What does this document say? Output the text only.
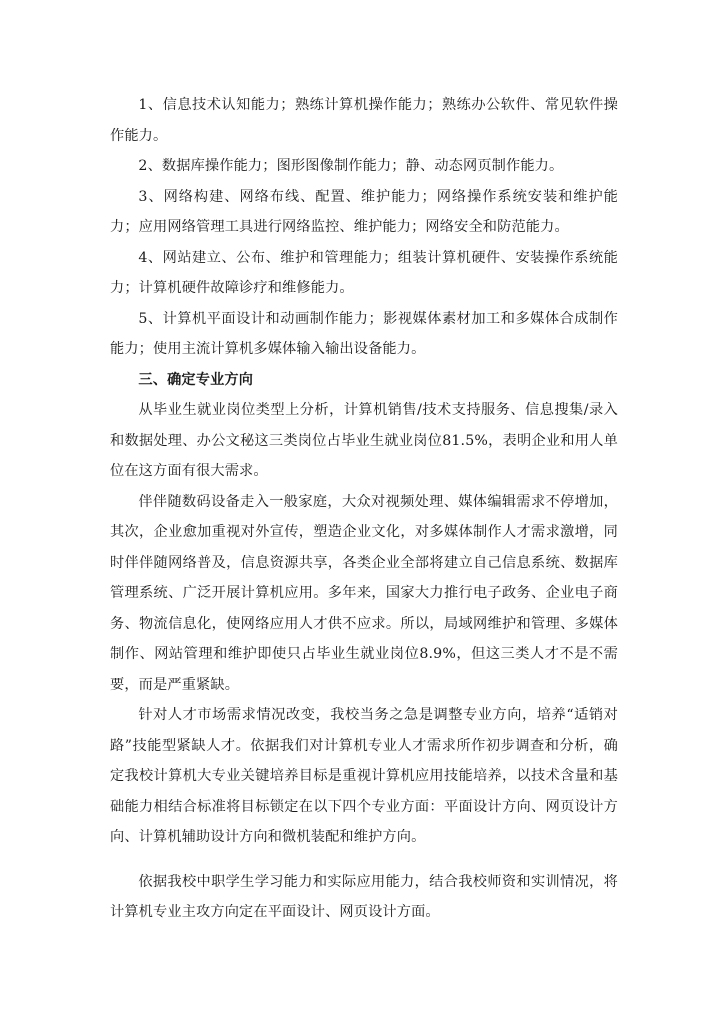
1、信息技术认知能力；熟练计算机操作能力；熟练办公软件、常见软件操作能力。

2、数据库操作能力；图形图像制作能力；静、动态网页制作能力。

3、网络构建、网络布线、配置、维护能力；网络操作系统安装和维护能力；应用网络管理工具进行网络监控、维护能力；网络安全和防范能力。

4、网站建立、公布、维护和管理能力；组装计算机硬件、安装操作系统能力；计算机硬件故障诊疗和维修能力。

5、计算机平面设计和动画制作能力；影视媒体素材加工和多媒体合成制作能力；使用主流计算机多媒体输入输出设备能力。

三、确定专业方向

从毕业生就业岗位类型上分析，计算机销售/技术支持服务、信息搜集/录入和数据处理、办公文秘这三类岗位占毕业生就业岗位81.5%，表明企业和用人单位在这方面有很大需求。

伴伴随数码设备走入一般家庭，大众对视频处理、媒体编辑需求不停增加，其次，企业愈加重视对外宣传，塑造企业文化，对多媒体制作人才需求激增，同时伴伴随网络普及，信息资源共享，各类企业全部将建立自己信息系统、数据库管理系统、广泛开展计算机应用。多年来，国家大力推行电子政务、企业电子商务、物流信息化，使网络应用人才供不应求。所以，局域网维护和管理、多媒体制作、网站管理和维护即使只占毕业生就业岗位8.9%，但这三类人才不是不需要，而是严重紧缺。

针对人才市场需求情况改变，我校当务之急是调整专业方向，培养“适销对路”技能型紧缺人才。依据我们对计算机专业人才需求所作初步调查和分析，确定我校计算机大专业关键培养目标是重视计算机应用技能培养，以技术含量和基础能力相结合标准将目标锁定在以下四个专业方面：平面设计方向、网页设计方向、计算机辅助设计方向和微机装配和维护方向。

依据我校中职学生学习能力和实际应用能力，结合我校师资和实训情况，将计算机专业主攻方向定在平面设计、网页设计方面。
